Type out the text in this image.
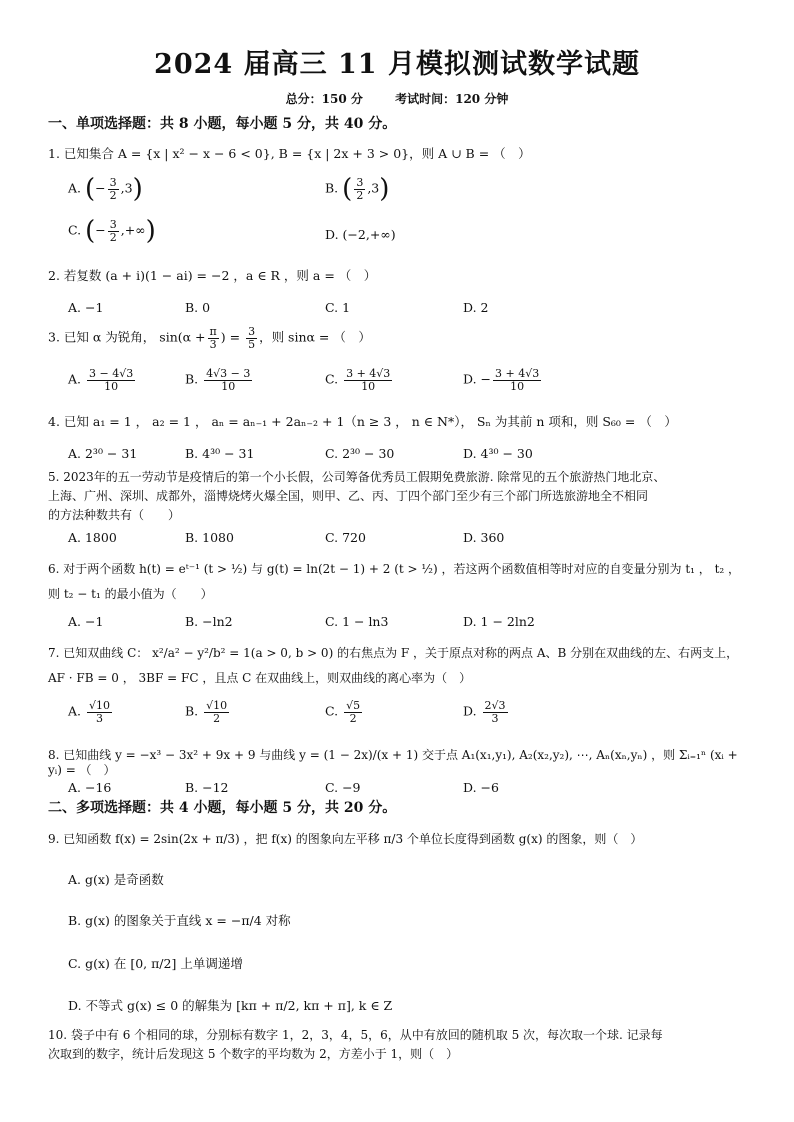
2024 届高三 11 月模拟测试数学试题
总分：150 分	考试时间：120 分钟
一、单项选择题：共 8 小题，每小题 5 分，共 40 分。
1. 已知集合 A = {x | x² − x − 6 < 0}, B = {x | 2x + 3 > 0}，则 A ∪ B = （　）
A. (− $\frac{3}{2} ,3$)	B. ( $\frac{3}{2} ,3$)
C. (− $\frac{3}{2}$ ,+∞)	D. (−2,+∞)
2. 若复数 (a + i)(1 − ai) = −2 ，a ∈ R ，则 a = （　）
A. −1	B. 0	C. 1	D. 2
3. 已知 α 为锐角， $\sin(\alpha + \frac{\pi}{3}$ ) = $\frac{3}{5}$ ，则 sinα = （　）
A. $\frac{3 - 4√3}{10}$	B. $\frac{4√3 - 3}{10}$	C. $\frac{3 + 4√3}{10}$	D. − $\frac{3 + 4√3}{10}$
4. 已知 a₁ = 1 ， a₂ = 1 ， aₙ = aₙ₋₁ + 2aₙ₋₂ + 1（n ≥ 3 ， n ∈ N*）， Sₙ 为其前 n 项和，则 S₆₀ = （　）
A. 2³⁰ − 31	B. 4³⁰ − 31	C. 2³⁰ − 30	D. 4³⁰ − 30
5. 2023年的五一劳动节是疫情后的第一个小长假，公司筹备优秀员工假期免费旅游. 除常见的五个旅游热门地北京、
上海、广州、深圳、成都外，淄博烧烤火爆全国，则甲、乙、丙、丁四个部门至少有三个部门所选旅游地全不相同
的方法种数共有（　　）
A. 1800	B. 1080	C. 720	D. 360
6. 对于两个函数 h(t) = eᵗ⁻¹ (t > ½) 与 g(t) = ln(2t − 1) + 2 (t > ½) ，若这两个函数值相等时对应的自变量分别为 t₁ ， t₂ ，
则 t₂ − t₁ 的最小值为（　　）
A. −1	B. −ln2	C. 1 − ln3	D. 1 − 2ln2
7. 已知双曲线 C： x²/a² − y²/b² = 1(a > 0, b > 0) 的右焦点为 F ，关于原点对称的两点 A、B 分别在双曲线的左、右两支上，
AF · FB = 0 ， 3BF = FC ，且点 C 在双曲线上，则双曲线的离心率为（　）
A. $\frac{√10}{3}$	B. $\frac{√10}{2}$	C. $\frac{√5}{2}$	D. $\frac{2√3}{3}$
8. 已知曲线 y = −x³ − 3x² + 9x + 9 与曲线 y = (1 − 2x)/(x + 1) 交于点 A₁(x₁,y₁), A₂(x₂,y₂), ⋯, Aₙ(xₙ,yₙ) ，则 Σᵢ₌₁ⁿ (xᵢ + yᵢ) = （　）
A. −16	B. −12	C. −9	D. −6
二、多项选择题：共 4 小题，每小题 5 分，共 20 分。
9. 已知函数 f(x) = 2sin(2x + π/3) ，把 f(x) 的图象向左平移 π/3 个单位长度得到函数 g(x) 的图象，则（　）
A. g(x) 是奇函数
B. g(x) 的图象关于直线 x = −π/4 对称
C. g(x) 在 [0, π/2] 上单调递增
D. 不等式 g(x) ≤ 0 的解集为 [kπ + π/2, kπ + π], k ∈ Z
10. 袋子中有 6 个相同的球，分别标有数字 1，2，3，4，5，6，从中有放回的随机取 5 次，每次取一个球. 记录每
次取到的数字，统计后发现这 5 个数字的平均数为 2，方差小于 1，则（　）
